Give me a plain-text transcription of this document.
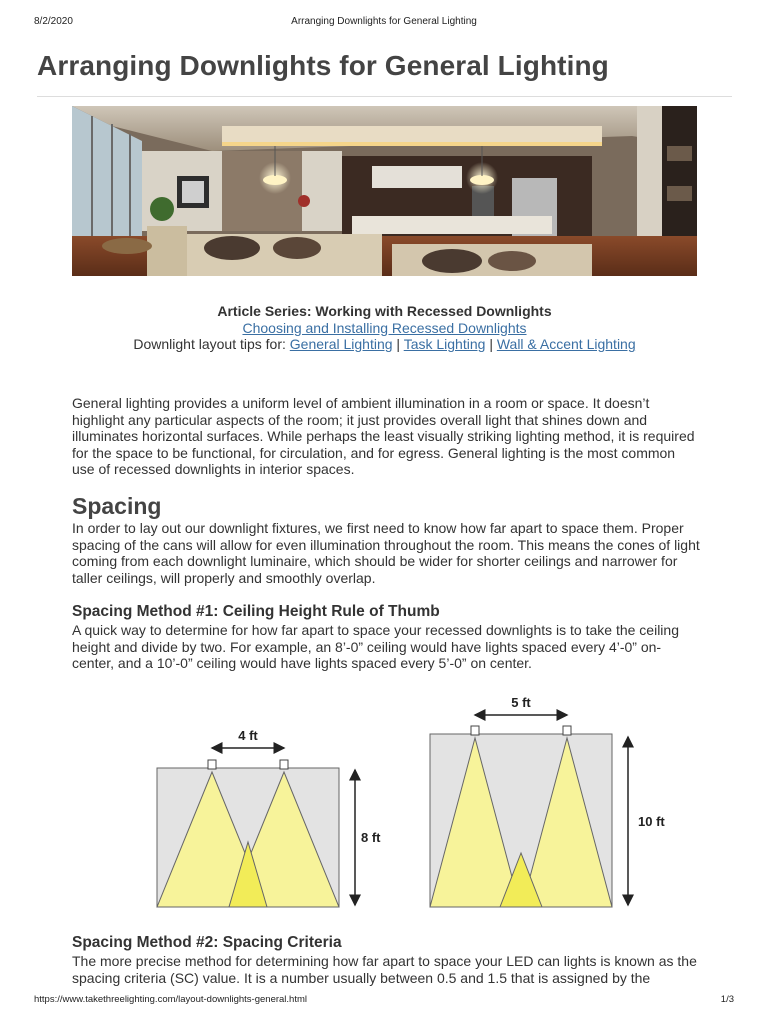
8/2/2020	Arranging Downlights for General Lighting
Arranging Downlights for General Lighting
Article Series: Working with Recessed Downlights
Choosing and Installing Recessed Downlights
Downlight layout tips for: General Lighting | Task Lighting | Wall & Accent Lighting

General lighting provides a uniform level of ambient illumination in a room or space. It doesn’t highlight any particular aspects of the room; it just provides overall light that shines down and illuminates horizontal surfaces. While perhaps the least visually striking lighting method, it is required for the space to be functional, for circulation, and for egress. General lighting is the most common use of recessed downlights in interior spaces.

Spacing

In order to lay out our downlight fixtures, we first need to know how far apart to space them. Proper spacing of the cans will allow for even illumination throughout the room. This means the cones of light coming from each downlight luminaire, which should be wider for shorter ceilings and narrower for taller ceilings, will properly and smoothly overlap.

Spacing Method #1: Ceiling Height Rule of Thumb

A quick way to determine for how far apart to space your recessed downlights is to take the ceiling height and divide by two. For example, an 8’-0” ceiling would have lights spaced every 4’-0” on-center, and a 10’-0” ceiling would have lights spaced every 5’-0” on center.

4 ft
8 ft
5 ft
10 ft
Spacing Method #2: Spacing Criteria

The more precise method for determining how far apart to space your LED can lights is known as the spacing criteria (SC) value. It is a number usually between 0.5 and 1.5 that is assigned by the

https://www.takethreelighting.com/layout-downlights-general.html	1/3
